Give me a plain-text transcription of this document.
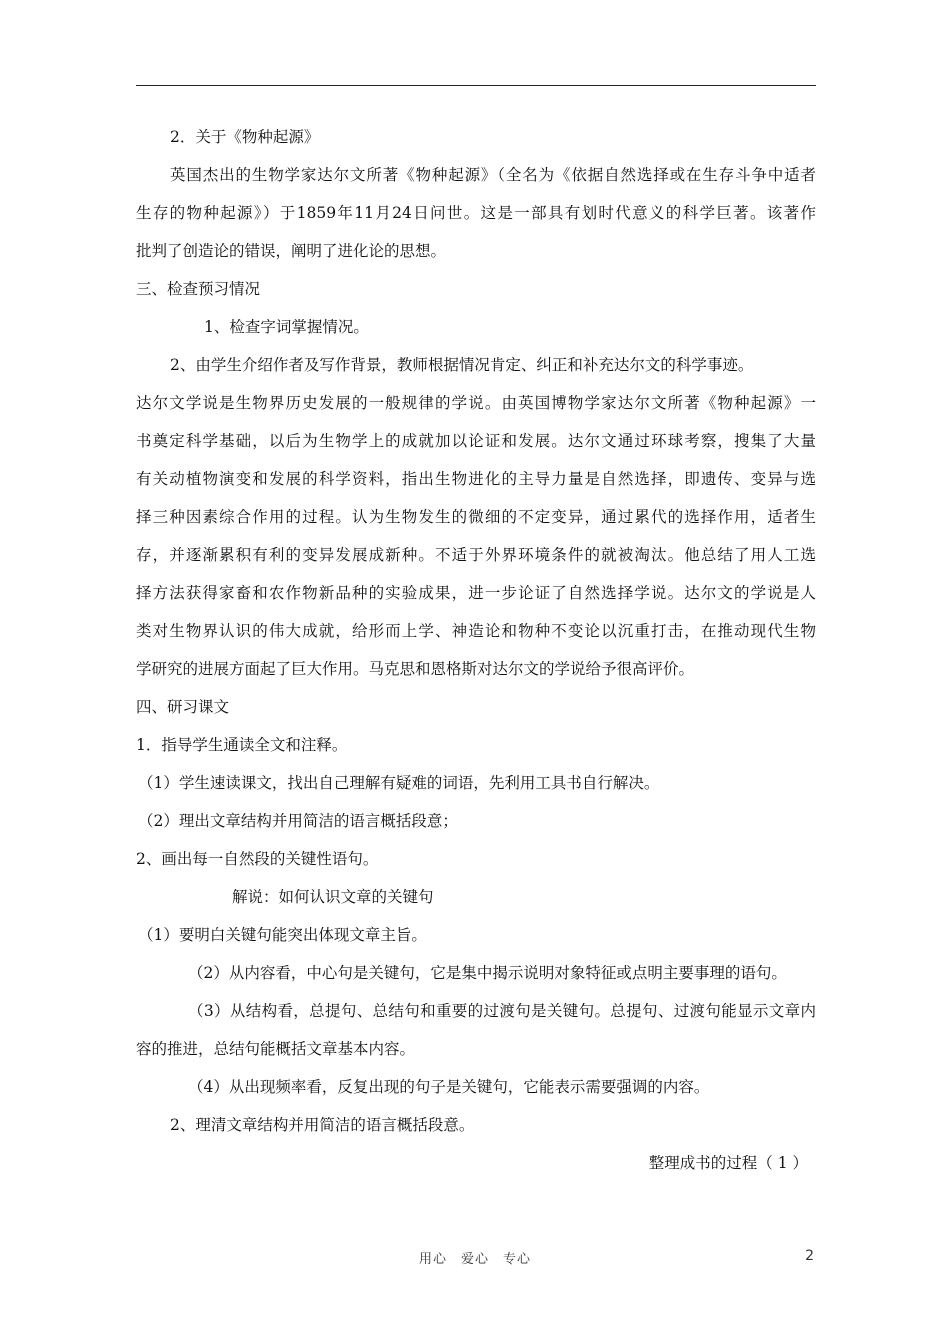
2．关于《物种起源》
英国杰出的生物学家达尔文所著《物种起源》（全名为《依据自然选择或在生存斗争中适者
生存的物种起源》）于1859年11月24日问世。这是一部具有划时代意义的科学巨著。该著作
批判了创造论的错误，阐明了进化论的思想。
三、检查预习情况
1、检查字词掌握情况。
2、由学生介绍作者及写作背景，教师根据情况肯定、纠正和补充达尔文的科学事迹。
达尔文学说是生物界历史发展的一般规律的学说。由英国博物学家达尔文所著《物种起源》一
书奠定科学基础，以后为生物学上的成就加以论证和发展。达尔文通过环球考察，搜集了大量
有关动植物演变和发展的科学资料，指出生物进化的主导力量是自然选择，即遗传、变异与选
择三种因素综合作用的过程。认为生物发生的微细的不定变异，通过累代的选择作用，适者生
存，并逐渐累积有利的变异发展成新种。不适于外界环境条件的就被淘汰。他总结了用人工选
择方法获得家畜和农作物新品种的实验成果，进一步论证了自然选择学说。达尔文的学说是人
类对生物界认识的伟大成就，给形而上学、神造论和物种不变论以沉重打击，在推动现代生物
学研究的进展方面起了巨大作用。马克思和恩格斯对达尔文的学说给予很高评价。
四、研习课文
1．指导学生通读全文和注释。
（1）学生速读课文，找出自己理解有疑难的词语，先利用工具书自行解决。
（2）理出文章结构并用简洁的语言概括段意；
2、画出每一自然段的关键性语句。
解说：如何认识文章的关键句
（1）要明白关键句能突出体现文章主旨。
（2）从内容看，中心句是关键句，它是集中揭示说明对象特征或点明主要事理的语句。
（3）从结构看，总提句、总结句和重要的过渡句是关键句。总提句、过渡句能显示文章内
容的推进，总结句能概括文章基本内容。
（4）从出现频率看，反复出现的句子是关键句，它能表示需要强调的内容。
2、理清文章结构并用简洁的语言概括段意。
整理成书的过程（ 1 ）
用心　爱心　专心	2
